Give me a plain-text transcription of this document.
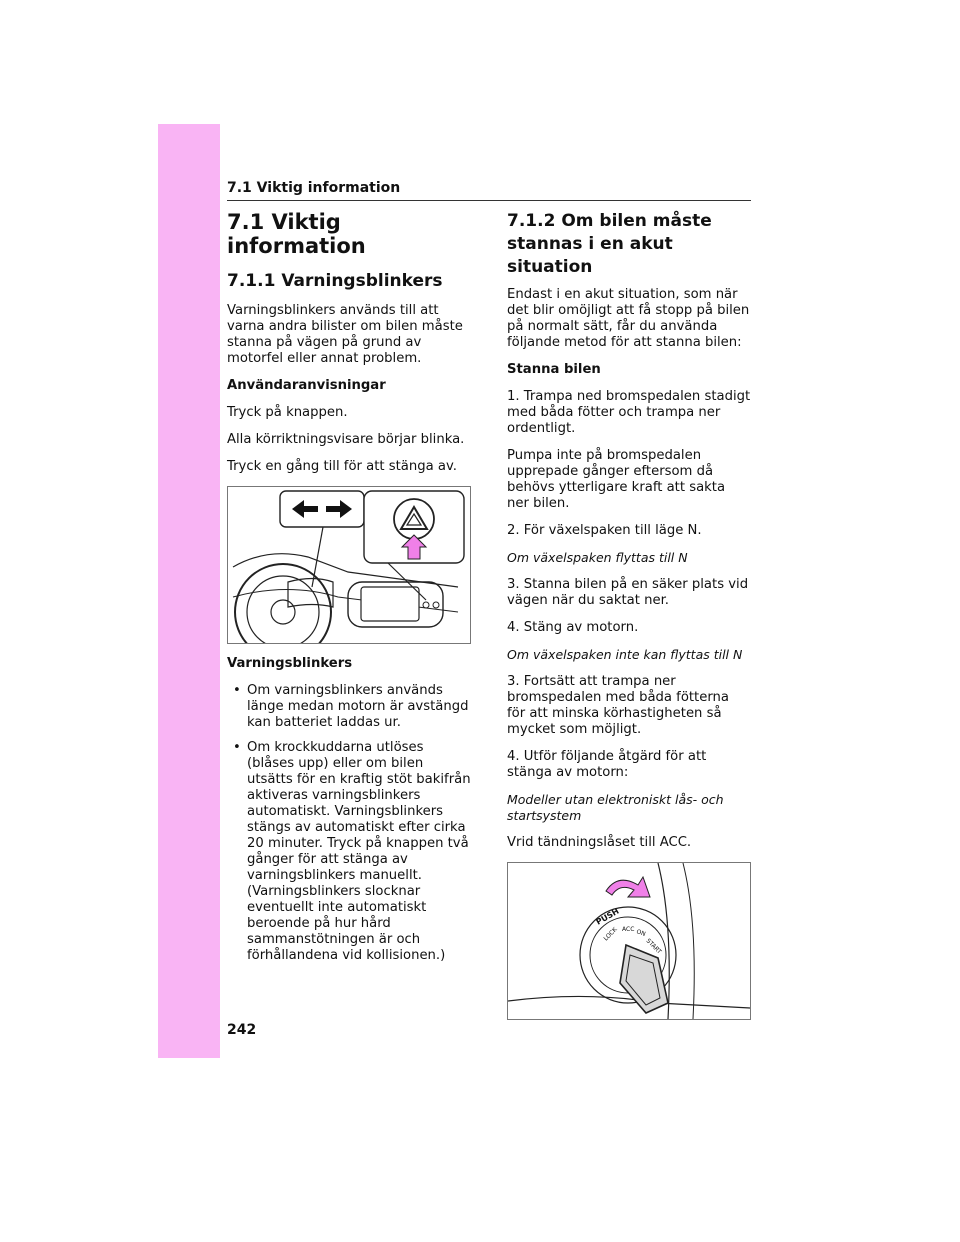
7.1 Viktig information
7.1 Viktig information
7.1.1 Varningsblinkers

Varningsblinkers används till att varna andra bilister om bilen måste stanna på vägen på grund av motorfel eller annat problem.

Användaranvisningar

Tryck på knappen.

Alla körriktningsvisare börjar blinka.

Tryck en gång till för att stänga av.

Varningsblinkers

• Om varningsblinkers används länge medan motorn är avstängd kan batteriet laddas ur.
• Om krockkuddarna utlöses (blåses upp) eller om bilen utsätts för en kraftig stöt bakifrån aktiveras varningsblinkers automatiskt. Varningsblinkers stängs av automatiskt efter cirka 20 minuter. Tryck på knappen två gånger för att stänga av varningsblinkers manuellt. (Varningsblinkers slocknar eventuellt inte automatiskt beroende på hur hård sammanstötningen är och förhållandena vid kollisionen.)
7.1.2 Om bilen måste stannas i en akut situation

Endast i en akut situation, som när det blir omöjligt att få stopp på bilen på normalt sätt, får du använda följande metod för att stanna bilen:

Stanna bilen

1. Trampa ned bromspedalen stadigt med båda fötter och trampa ner ordentligt.

Pumpa inte på bromspedalen upprepade gånger eftersom då behövs ytterligare kraft att sakta ner bilen.

2. För växelspaken till läge N.

Om växelspaken flyttas till N

3. Stanna bilen på en säker plats vid vägen när du saktat ner.

4. Stäng av motorn.

Om växelspaken inte kan flyttas till N

3. Fortsätt att trampa ner bromspedalen med båda fötterna för att minska körhastigheten så mycket som möjligt.

4. Utför följande åtgärd för att stänga av motorn:

Modeller utan elektroniskt lås- och startsystem

Vrid tändningslåset till ACC.

PUSH
LOCK ACC ON
START
242
